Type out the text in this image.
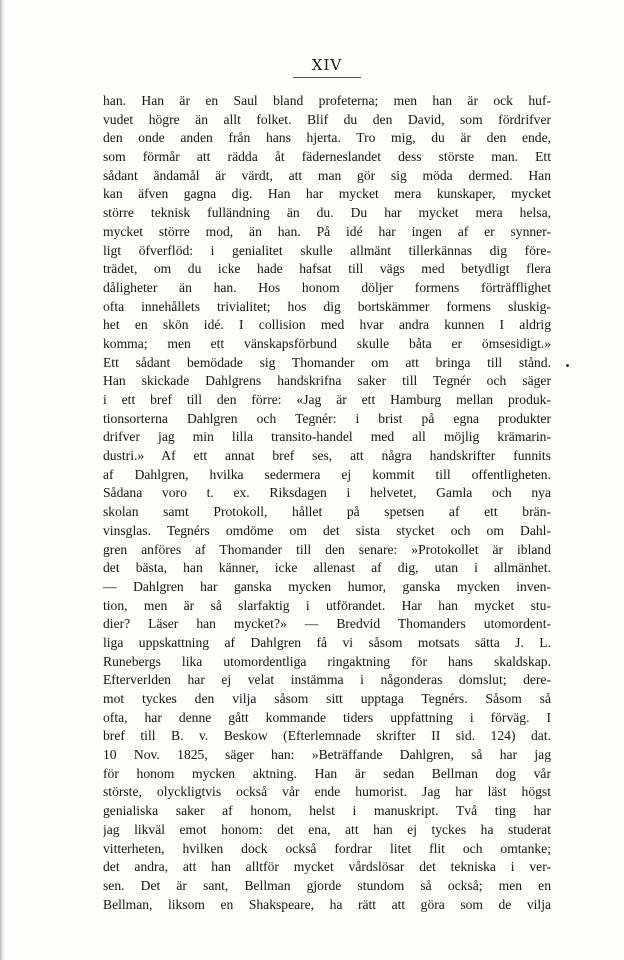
XIV
han. Han är en Saul bland profeterna; men han är ock huf-
vudet högre än allt folket. Blif du den David, som fördrifver
den onde anden från hans hjerta. Tro mig, du är den ende,
som förmår att rädda åt fäderneslandet dess störste man. Ett
sådant ändamål är värdt, att man gör sig möda dermed. Han
kan äfven gagna dig. Han har mycket mera kunskaper, mycket
större teknisk fulländning än du. Du har mycket mera helsa,
mycket större mod, än han. På idé har ingen af er synner-
ligt öfverflöd: i genialitet skulle allmänt tillerkännas dig före-
trädet, om du icke hade hafsat till vägs med betydligt flera
dåligheter än han. Hos honom döljer formens förträfflighet
ofta innehållets trivialitet; hos dig bortskämmer formens sluskig-
het en skön idé. I collision med hvar andra kunnen I aldrig
komma; men ett vänskapsförbund skulle båta er ömsesidigt.»
Ett sådant bemödade sig Thomander om att bringa till stånd.
Han skickade Dahlgrens handskrifna saker till Tegnér och säger
i ett bref till den förre: «Jag är ett Hamburg mellan produk-
tionsorterna Dahlgren och Tegnér: i brist på egna produkter
drifver jag min lilla transito-handel med all möjlig krämarin-
dustri.» Af ett annat bref ses, att några handskrifter funnits
af Dahlgren, hvilka sedermera ej kommit till offentligheten.
Sådana voro t. ex. Riksdagen i helvetet, Gamla och nya
skolan samt Protokoll, hållet på spetsen af ett brän-
vinsglas. Tegnérs omdöme om det sista stycket och om Dahl-
gren anföres af Thomander till den senare: »Protokollet är ibland
det bästa, han känner, icke allenast af dig, utan i allmänhet.
— Dahlgren har ganska mycken humor, ganska mycken inven-
tion, men är så slarfaktig i utförandet. Har han mycket stu-
dier? Läser han mycket?» — Bredvid Thomanders utomordent-
liga uppskattning af Dahlgren få vi såsom motsats sätta J. L.
Runebergs lika utomordentliga ringaktning för hans skaldskap.
Efterverlden har ej velat instämma i någonderas domslut; dere-
mot tyckes den vilja såsom sitt upptaga Tegnérs. Såsom så
ofta, har denne gått kommande tiders uppfattning i förväg. I
bref till B. v. Beskow (Efterlemnade skrifter II sid. 124) dat.
10 Nov. 1825, säger han: »Beträffande Dahlgren, så har jag
för honom mycken aktning. Han är sedan Bellman dog vår
störste, olyckligtvis också vår ende humorist. Jag har läst högst
genialiska saker af honom, helst i manuskript. Två ting har
jag likväl emot honom: det ena, att han ej tyckes ha studerat
vitterheten, hvilken dock också fordrar litet flit och omtanke;
det andra, att han alltför mycket vårdslösar det tekniska i ver-
sen. Det är sant, Bellman gjorde stundom så också; men en
Bellman, liksom en Shakspeare, ha rätt att göra som de vilja
